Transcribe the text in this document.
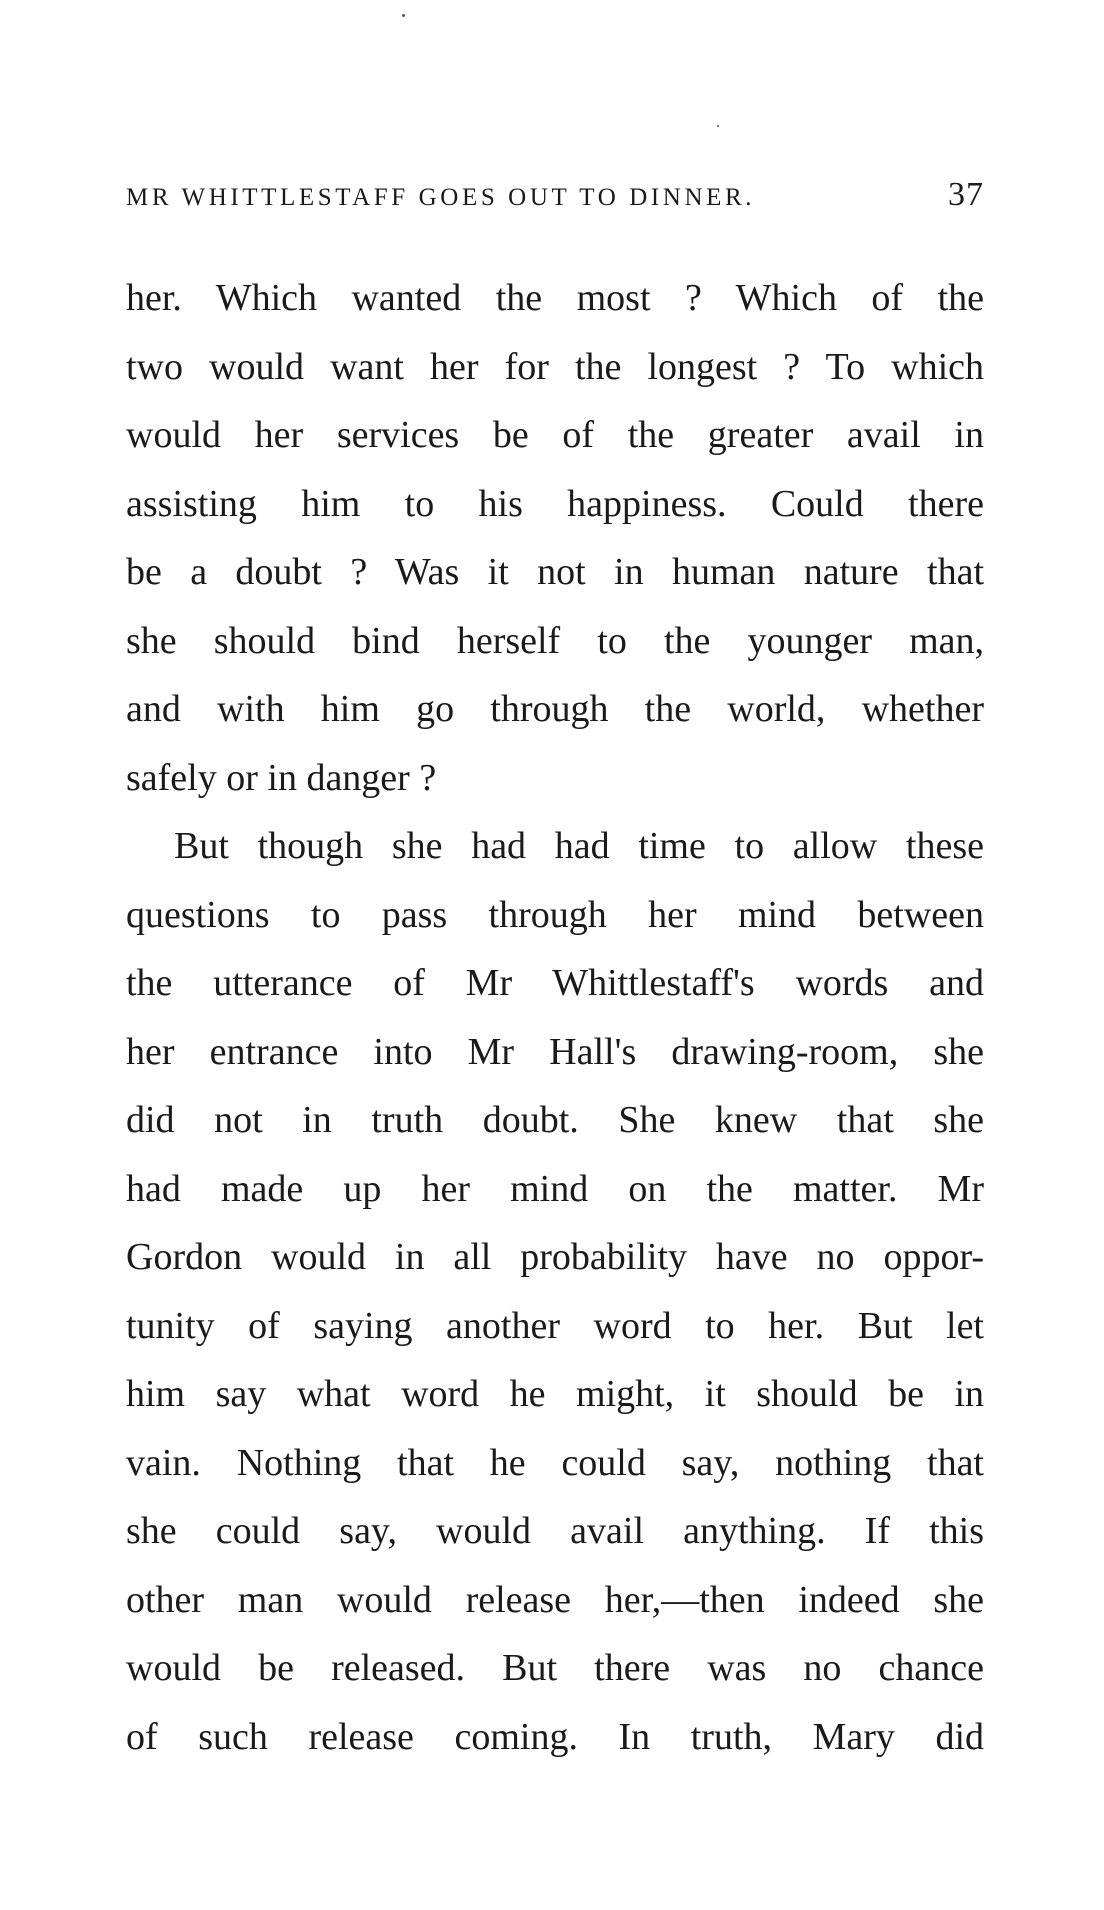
MR WHITTLESTAFF GOES OUT TO DINNER.	37
her. Which wanted the most ? Which of the
two would want her for the longest ? To which
would her services be of the greater avail in
assisting him to his happiness. Could there
be a doubt ? Was it not in human nature that
she should bind herself to the younger man,
and with him go through the world, whether
safely or in danger ?
But though she had had time to allow these
questions to pass through her mind between
the utterance of Mr Whittlestaff's words and
her entrance into Mr Hall's drawing-room, she
did not in truth doubt. She knew that she
had made up her mind on the matter. Mr
Gordon would in all probability have no oppor-
tunity of saying another word to her. But let
him say what word he might, it should be in
vain. Nothing that he could say, nothing that
she could say, would avail anything. If this
other man would release her,—then indeed she
would be released. But there was no chance
of such release coming. In truth, Mary did
